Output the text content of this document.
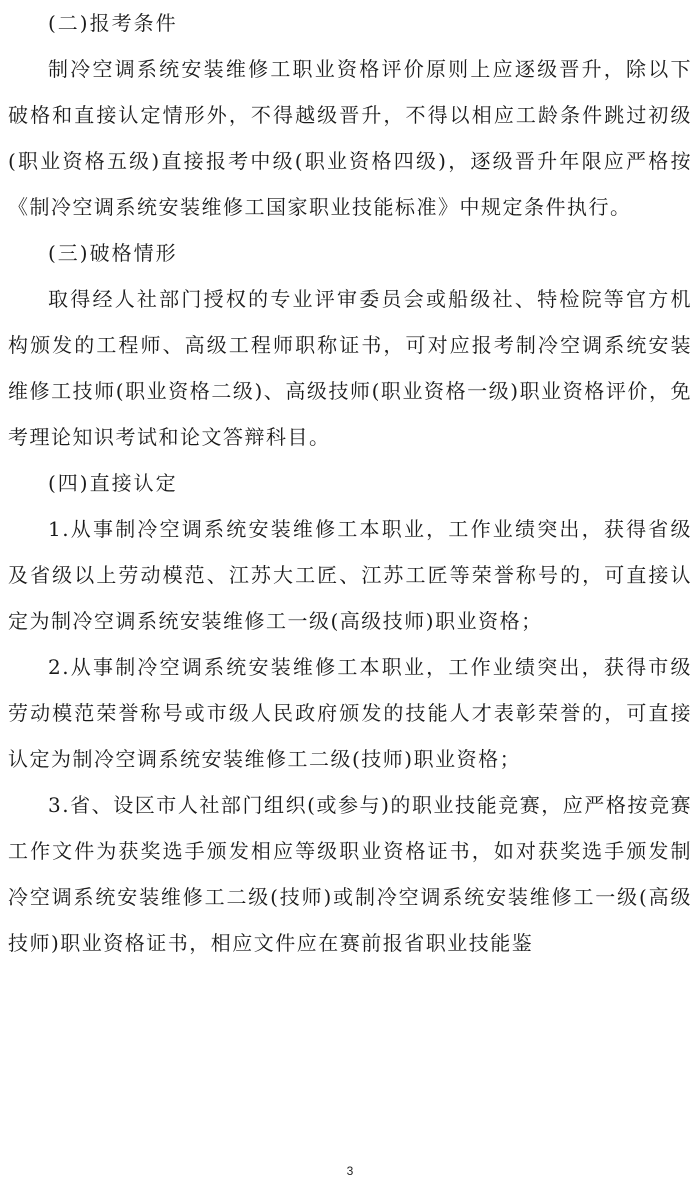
(二)报考条件

制冷空调系统安装维修工职业资格评价原则上应逐级晋升，除以下破格和直接认定情形外，不得越级晋升，不得以相应工龄条件跳过初级(职业资格五级)直接报考中级(职业资格四级)，逐级晋升年限应严格按《制冷空调系统安装维修工国家职业技能标准》中规定条件执行。

(三)破格情形

取得经人社部门授权的专业评审委员会或船级社、特检院等官方机构颁发的工程师、高级工程师职称证书，可对应报考制冷空调系统安装维修工技师(职业资格二级)、高级技师(职业资格一级)职业资格评价，免考理论知识考试和论文答辩科目。

(四)直接认定

1.从事制冷空调系统安装维修工本职业，工作业绩突出，获得省级及省级以上劳动模范、江苏大工匠、江苏工匠等荣誉称号的，可直接认定为制冷空调系统安装维修工一级(高级技师)职业资格；

2.从事制冷空调系统安装维修工本职业，工作业绩突出，获得市级劳动模范荣誉称号或市级人民政府颁发的技能人才表彰荣誉的，可直接认定为制冷空调系统安装维修工二级(技师)职业资格；

3.省、设区市人社部门组织(或参与)的职业技能竞赛，应严格按竞赛工作文件为获奖选手颁发相应等级职业资格证书，如对获奖选手颁发制冷空调系统安装维修工二级(技师)或制冷空调系统安装维修工一级(高级技师)职业资格证书，相应文件应在赛前报省职业技能鉴

3
